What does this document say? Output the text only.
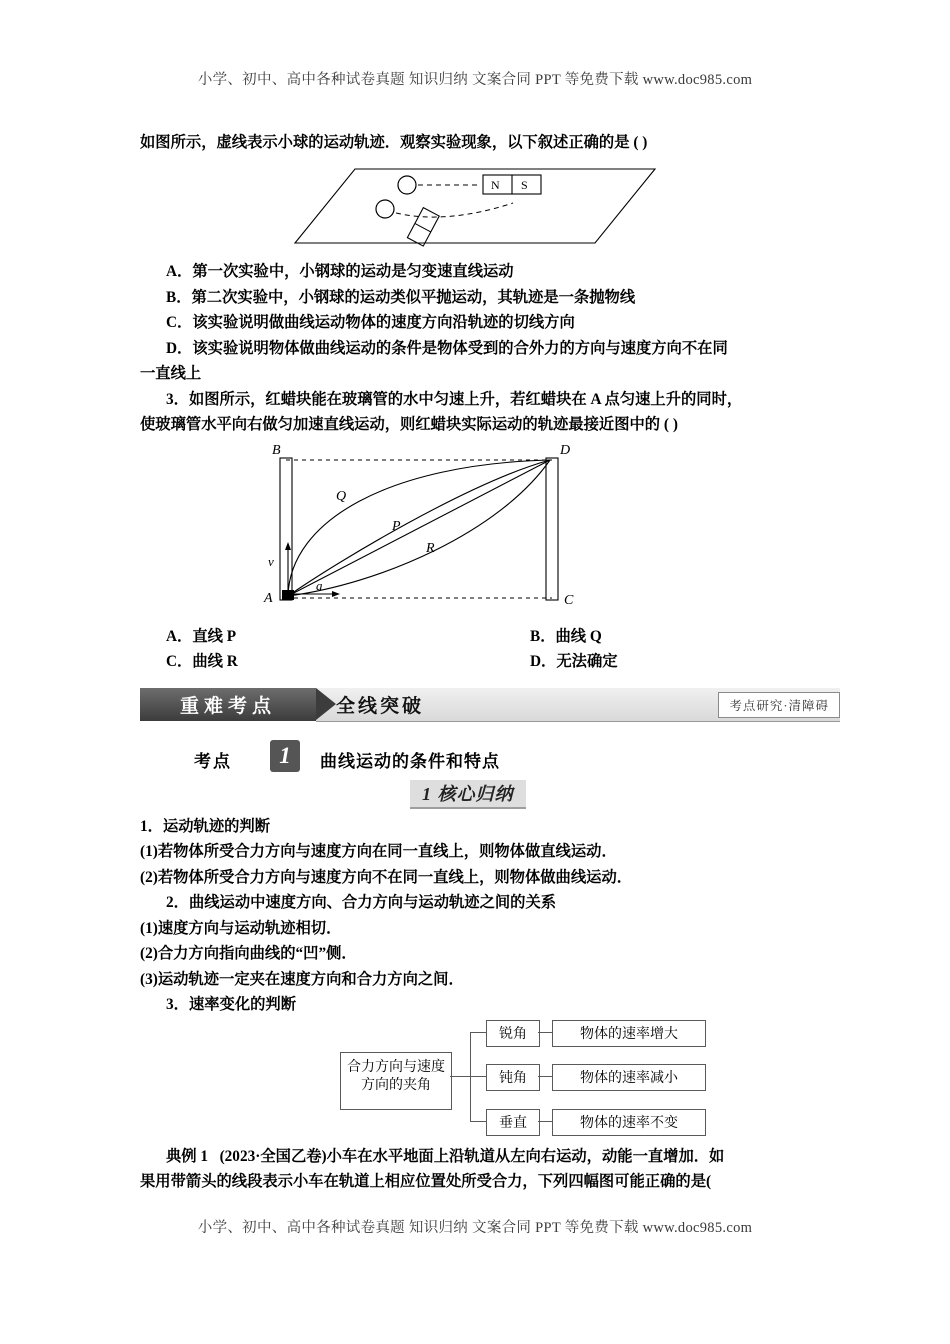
小学、初中、高中各种试卷真题 知识归纳 文案合同 PPT 等免费下载 www.doc985.com

如图所示，虚线表示小球的运动轨迹．观察实验现象，以下叙述正确的是 ( )

N S

A．第一次实验中，小钢球的运动是匀变速直线运动

B．第二次实验中，小钢球的运动类似平抛运动，其轨迹是一条抛物线

C．该实验说明做曲线运动物体的速度方向沿轨迹的切线方向

D．该实验说明物体做曲线运动的条件是物体受到的合外力的方向与速度方向不在同

一直线上

3．如图所示，红蜡块能在玻璃管的水中匀速上升，若红蜡块在 A 点匀速上升的同时，

使玻璃管水平向右做匀加速直线运动，则红蜡块实际运动的轨迹最接近图中的 ( )

B	D
A	C
Q
P
R
v
a
A．直线 P	B．曲线 Q
C．曲线 R	D．无法确定
重难考点	全线突破	考点研究·清障碍
考点	1	曲线运动的条件和特点
1 核心归纳

1．运动轨迹的判断

(1)若物体所受合力方向与速度方向在同一直线上，则物体做直线运动．

(2)若物体所受合力方向与速度方向不在同一直线上，则物体做曲线运动．

2．曲线运动中速度方向、合力方向与运动轨迹之间的关系

(1)速度方向与运动轨迹相切．

(2)合力方向指向曲线的“凹”侧．

(3)运动轨迹一定夹在速度方向和合力方向之间．

3．速率变化的判断

合力方向与速度方向的夹角
锐角
钝角
垂直
物体的速率增大
物体的速率减小
物体的速率不变

典例 1 (2023·全国乙卷)小车在水平地面上沿轨道从左向右运动，动能一直增加．如

果用带箭头的线段表示小车在轨道上相应位置处所受合力，下列四幅图可能正确的是(

小学、初中、高中各种试卷真题 知识归纳 文案合同 PPT 等免费下载 www.doc985.com
